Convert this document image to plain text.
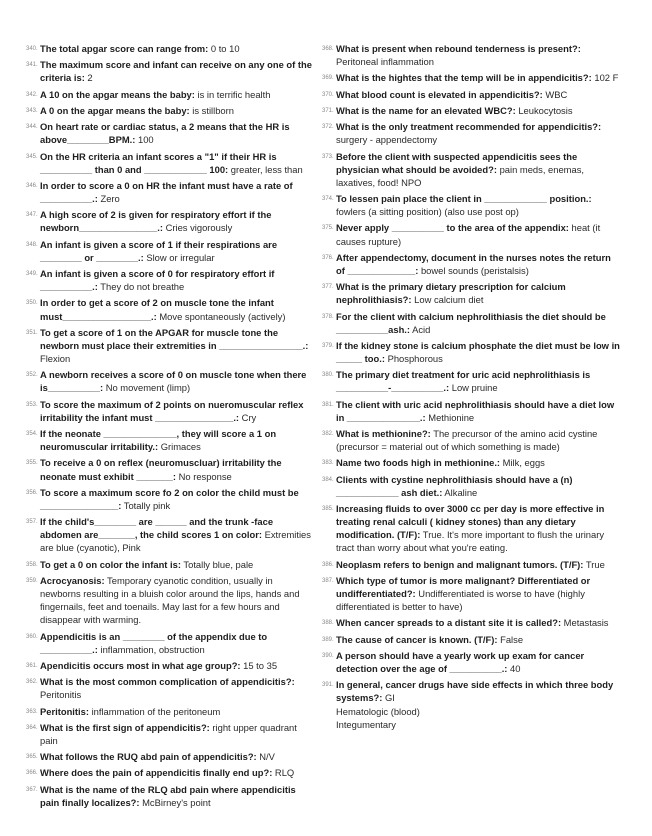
340. The total apgar score can range from: 0 to 10
341. The maximum score and infant can receive on any one of the criteria is: 2
342. A 10 on the apgar means the baby: is in terrific health
343. A 0 on the apgar means the baby: is stillborn
344. On heart rate or cardiac status, a 2 means that the HR is above________BPM.: 100
345. On the HR criteria an infant scores a "1" if their HR is __________ than 0 and ____________ 100: greater, less than
346. In order to score a 0 on HR the infant must have a rate of __________.: Zero
347. A high score of 2 is given for respiratory effort if the newborn_______________.: Cries vigorously
348. An infant is given a score of 1 if their respirations are ________ or ________.: Slow or irregular
349. An infant is given a score of 0 for respiratory effort if __________.: They do not breathe
350. In order to get a score of 2 on muscle tone the infant must_________________.: Move spontaneously (actively)
351. To get a score of 1 on the APGAR for muscle tone the newborn must place their extremities in ________________.: Flexion
352. A newborn receives a score of 0 on muscle tone when there is__________: No movement (limp)
353. To score the maximum of 2 points on nueromuscular reflex irritability the infant must _______________.: Cry
354. If the neonate ______________, they will score a 1 on neuromuscular irritability.: Grimaces
355. To receive a 0 on reflex (neuromuscluar) irritability the neonate must exhibit _______: No response
356. To score a maximum score fo 2 on color the child must be _______________: Totally pink
357. If the child's________ are ______ and the trunk -face abdomen are_______, the child scores 1 on color: Extremities are blue (cyanotic), Pink
358. To get a 0 on color the infant is: Totally blue, pale
359. Acrocyanosis: Temporary cyanotic condition, usually in newborns resulting in a bluish color around the lips, hands and fingernails, feet and toenails. May last for a few hours and disappear with warming.
360. Appendicitis is an ________ of the appendix due to __________.: inflammation, obstruction
361. Apendicitis occurs most in what age group?: 15 to 35
362. What is the most common complication of appendicitis?: Peritonitis
363. Peritonitis: inflammation of the peritoneum
364. What is the first sign of appendicitis?: right upper quadrant pain
365. What follows the RUQ abd pain of appendicitis?: N/V
366. Where does the pain of appendicitis finally end up?: RLQ
367. What is the name of the RLQ abd pain where appendicitis pain finally localizes?: McBirney's point
368. What is present when rebound tenderness is present?: Peritoneal inflammation
369. What is the hightes that the temp will be in appendicitis?: 102 F
370. What blood count is elevated in appendicitis?: WBC
371. What is the name for an elevated WBC?: Leukocytosis
372. What is the only treatment recommended for appendicitis?: surgery - appendectomy
373. Before the client with suspected appendicitis sees the physician what should be avoided?: pain meds, enemas, laxatives, food! NPO
374. To lessen pain place the client in ____________ position.: fowlers (a sitting position) (also use post op)
375. Never apply __________ to the area of the appendix: heat (it causes rupture)
376. After appendectomy, document in the nurses notes the return of _____________: bowel sounds (peristalsis)
377. What is the primary dietary prescription for calcium nephrolithiasis?: Low calcium diet
378. For the client with calcium nephrolithiasis the diet should be __________ash.: Acid
379. If the kidney stone is calcium phosphate the diet must be low in _____ too.: Phosphorous
380. The primary diet treatment for uric acid nephrolithiasis is __________-__________.: Low pruine
381. The client with uric acid nephrolithiasis should have a diet low in ______________.: Methionine
382. What is methionine?: The precursor of the amino acid cystine (precursor = material out of which something is made)
383. Name two foods high in methionine.: Milk, eggs
384. Clients with cystine nephrolithiasis should have a (n) ____________ ash diet.: Alkaline
385. Increasing fluids to over 3000 cc per day is more effective in treating renal calculi ( kidney stones) than any dietary modification. (T/F): True. It's more important to flush the urinary tract than worry about what you're eating.
386. Neoplasm refers to benign and malignant tumors. (T/F): True
387. Which type of tumor is more malignant? Differentiated or undifferentiated?: Undifferentiated is worse to have (highly differentiated is better to have)
388. When cancer spreads to a distant site it is called?: Metastasis
389. The cause of cancer is known. (T/F): False
390. A person should have a yearly work up exam for cancer detection over the age of __________.: 40
391. In general, cancer drugs have side effects in which three body systems?: GI
Hematologic (blood)
Integumentary
